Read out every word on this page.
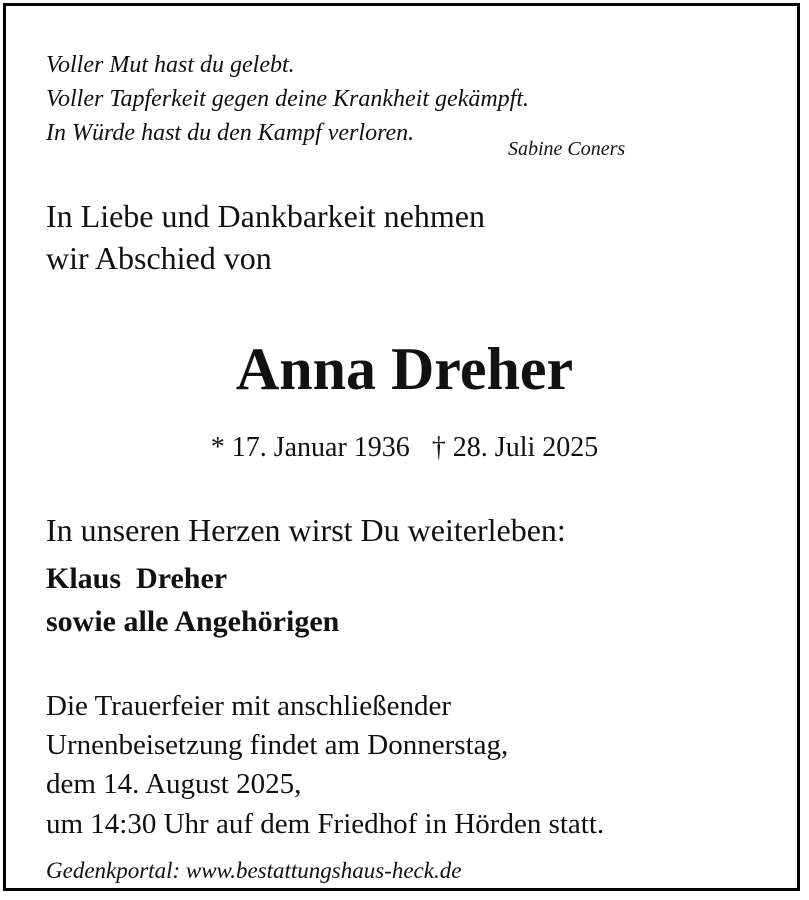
Voller Mut hast du gelebt.
Voller Tapferkeit gegen deine Krankheit gekämpft.
In Würde hast du den Kampf verloren.
Sabine Coners
In Liebe und Dankbarkeit nehmen
wir Abschied von
Anna Dreher
* 17. Januar 1936 † 28. Juli 2025
In unseren Herzen wirst Du weiterleben:
Klaus  Dreher
sowie alle Angehörigen
Die Trauerfeier mit anschließender
Urnenbeisetzung findet am Donnerstag,
dem 14. August 2025,
um 14:30 Uhr auf dem Friedhof in Hörden statt.
Gedenkportal: www.bestattungshaus-heck.de
